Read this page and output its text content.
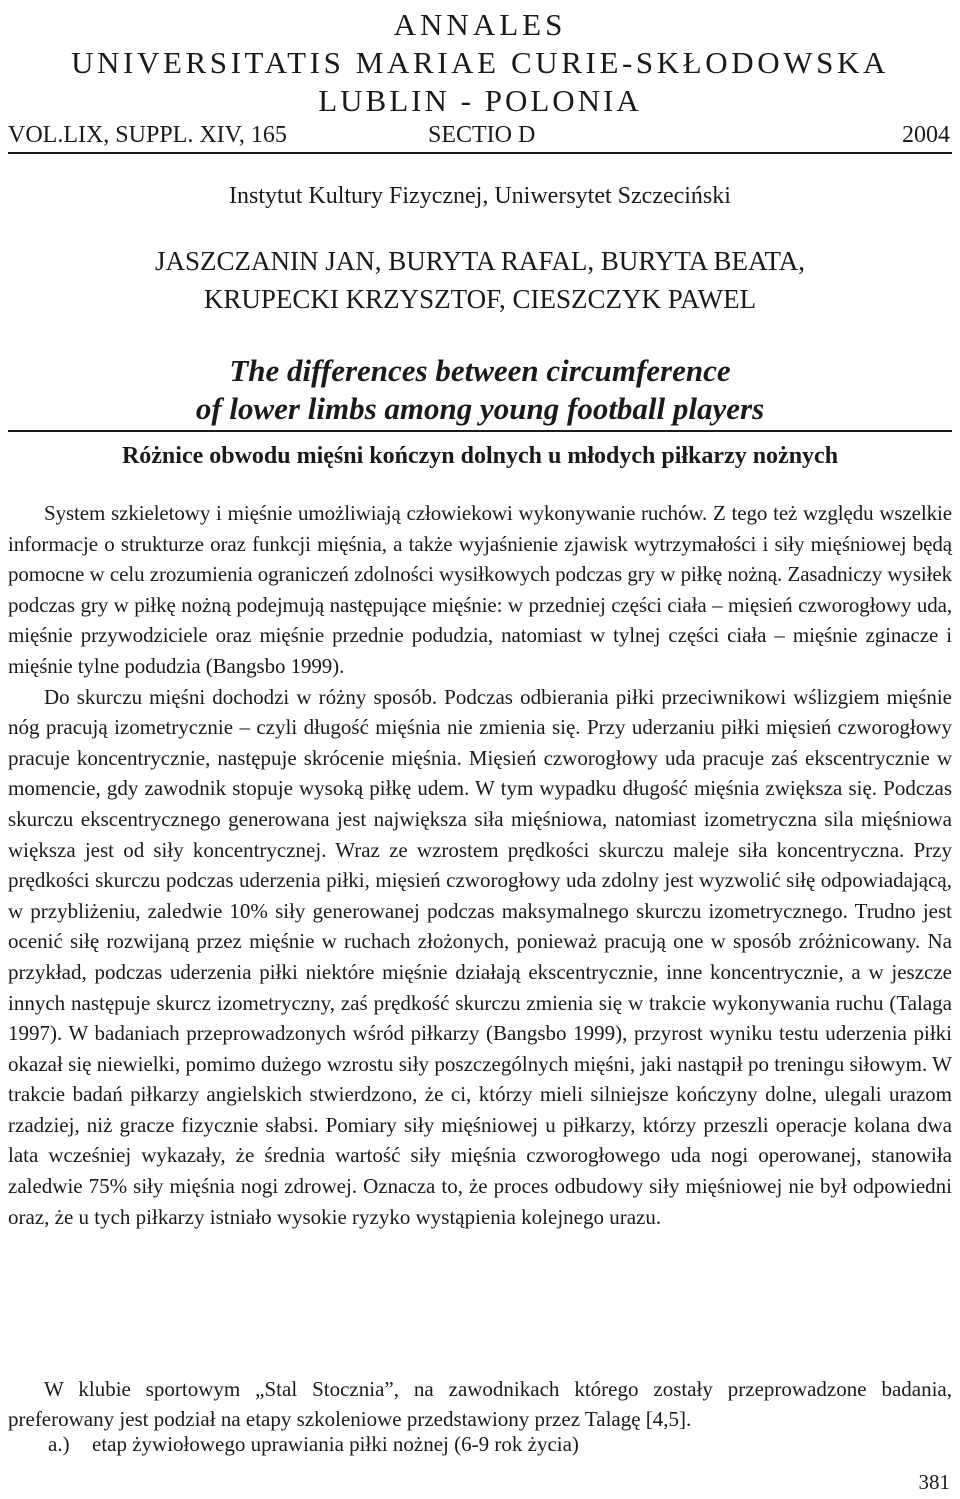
ANNALES
UNIVERSITATIS MARIAE CURIE-SKŁODOWSKA
LUBLIN - POLONIA
VOL.LIX, SUPPL. XIV, 165	SECTIO D	2004
Instytut Kultury Fizycznej, Uniwersytet Szczeciński
JASZCZANIN JAN, BURYTA RAFAL, BURYTA BEATA,
KRUPECKI KRZYSZTOF, CIESZCZYK PAWEL
The differences between circumference
of lower limbs among young football players
Różnice obwodu mięśni kończyn dolnych u młodych piłkarzy nożnych

System szkieletowy i mięśnie umożliwiają człowiekowi wykonywanie ruchów. Z tego też względu wszelkie informacje o strukturze oraz funkcji mięśnia, a także wyjaśnienie zjawisk wytrzymałości i siły mięśniowej będą pomocne w celu zrozumienia ograniczeń zdolności wysiłkowych podczas gry w piłkę nożną. Zasadniczy wysiłek podczas gry w piłkę nożną podejmują następujące mięśnie: w przedniej części ciała – mięsień czworogłowy uda, mięśnie przywodziciele oraz mięśnie przednie podudzia, natomiast w tylnej części ciała – mięśnie zginacze i mięśnie tylne podudzia (Bangsbo 1999).

Do skurczu mięśni dochodzi w różny sposób. Podczas odbierania piłki przeciwnikowi wślizgiem mięśnie nóg pracują izometrycznie – czyli długość mięśnia nie zmienia się. Przy uderzaniu piłki mięsień czworogłowy pracuje koncentrycznie, następuje skrócenie mięśnia. Mięsień czworogłowy uda pracuje zaś ekscentrycznie w momencie, gdy zawodnik stopuje wysoką piłkę udem. W tym wypadku długość mięśnia zwiększa się. Podczas skurczu ekscentrycznego generowana jest największa siła mięśniowa, natomiast izometryczna sila mięśniowa większa jest od siły koncentrycznej. Wraz ze wzrostem prędkości skurczu maleje siła koncentryczna. Przy prędkości skurczu podczas uderzenia piłki, mięsień czworogłowy uda zdolny jest wyzwolić siłę odpowiadającą, w przybliżeniu, zaledwie 10% siły generowanej podczas maksymalnego skurczu izometrycznego. Trudno jest ocenić siłę rozwijaną przez mięśnie w ruchach złożonych, ponieważ pracują one w sposób zróżnicowany. Na przykład, podczas uderzenia piłki niektóre mięśnie działają ekscentrycznie, inne koncentrycznie, a w jeszcze innych następuje skurcz izometryczny, zaś prędkość skurczu zmienia się w trakcie wykonywania ruchu (Talaga 1997). W badaniach przeprowadzonych wśród piłkarzy (Bangsbo 1999), przyrost wyniku testu uderzenia piłki okazał się niewielki, pomimo dużego wzrostu siły poszczególnych mięśni, jaki nastąpił po treningu siłowym. W trakcie badań piłkarzy angielskich stwierdzono, że ci, którzy mieli silniejsze kończyny dolne, ulegali urazom rzadziej, niż gracze fizycznie słabsi. Pomiary siły mięśniowej u piłkarzy, którzy przeszli operacje kolana dwa lata wcześniej wykazały, że średnia wartość siły mięśnia czworogłowego uda nogi operowanej, stanowiła zaledwie 75% siły mięśnia nogi zdrowej. Oznacza to, że proces odbudowy siły mięśniowej nie był odpowiedni oraz, że u tych piłkarzy istniało wysokie ryzyko wystąpienia kolejnego urazu.

W klubie sportowym „Stal Stocznia”, na zawodnikach którego zostały przeprowadzone badania, preferowany jest podział na etapy szkoleniowe przedstawiony przez Talagę [4,5].

a.) etap żywiołowego uprawiania piłki nożnej (6-9 rok życia)
381
